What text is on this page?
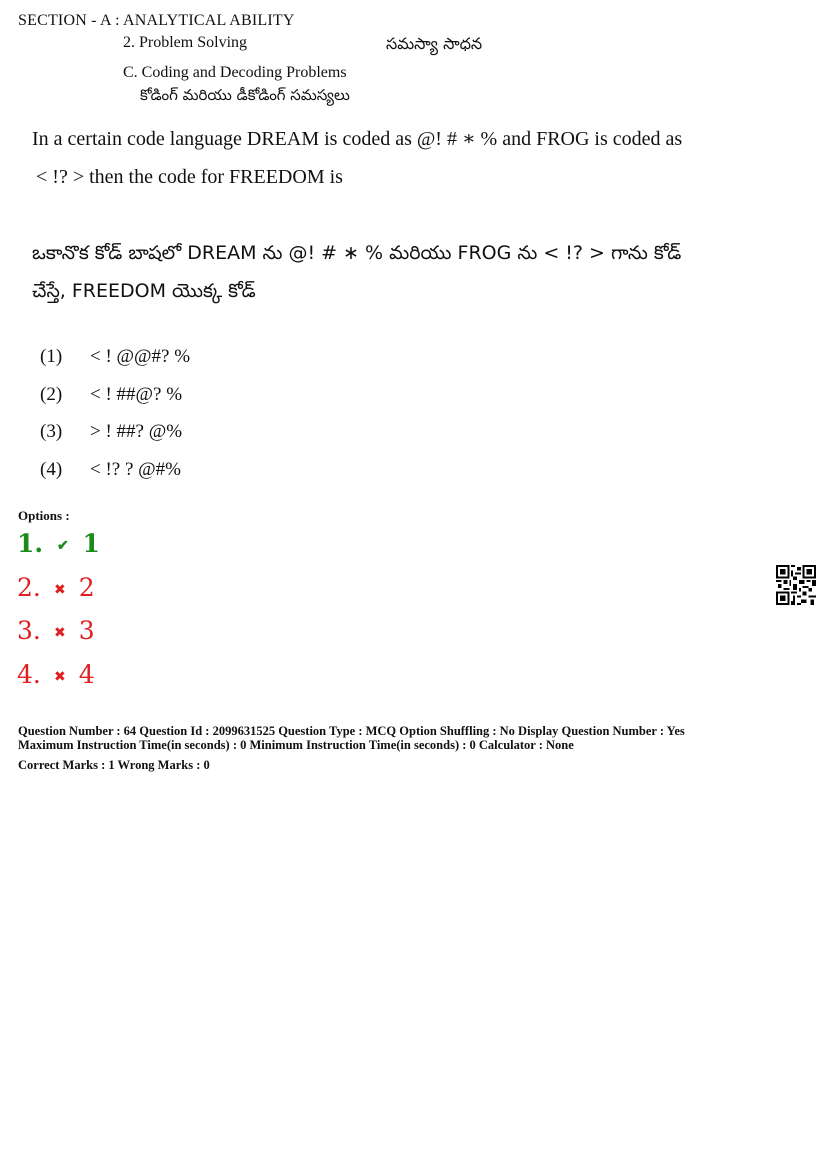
SECTION - A : ANALYTICAL ABILITY
2. Problem Solving	సమస్యా సాధన
C. Coding and Decoding Problems
కోడింగ్ మరియు డీకోడింగ్ సమస్యలు
In a certain code language DREAM is coded as @! # ∗ % and FROG is coded as
< !? > then the code for FREEDOM is
ఒకానొక కోడ్ బాషలో DREAM ను @! # ∗ % మరియు FROG ను < !? > గాను కోడ్
చేస్తే, FREEDOM యొక్క కోడ్
(1) < ! @@#? %
(2) < ! ##@? %
(3) > ! ##? @%
(4) < !? ? @#%
Options :
1. ✔ 1
2. ✖ 2
3. ✖ 3
4. ✖ 4
Question Number : 64 Question Id : 2099631525 Question Type : MCQ Option Shuffling : No Display Question Number : Yes
Maximum Instruction Time(in seconds) : 0 Minimum Instruction Time(in seconds) : 0 Calculator : None
Correct Marks : 1 Wrong Marks : 0
